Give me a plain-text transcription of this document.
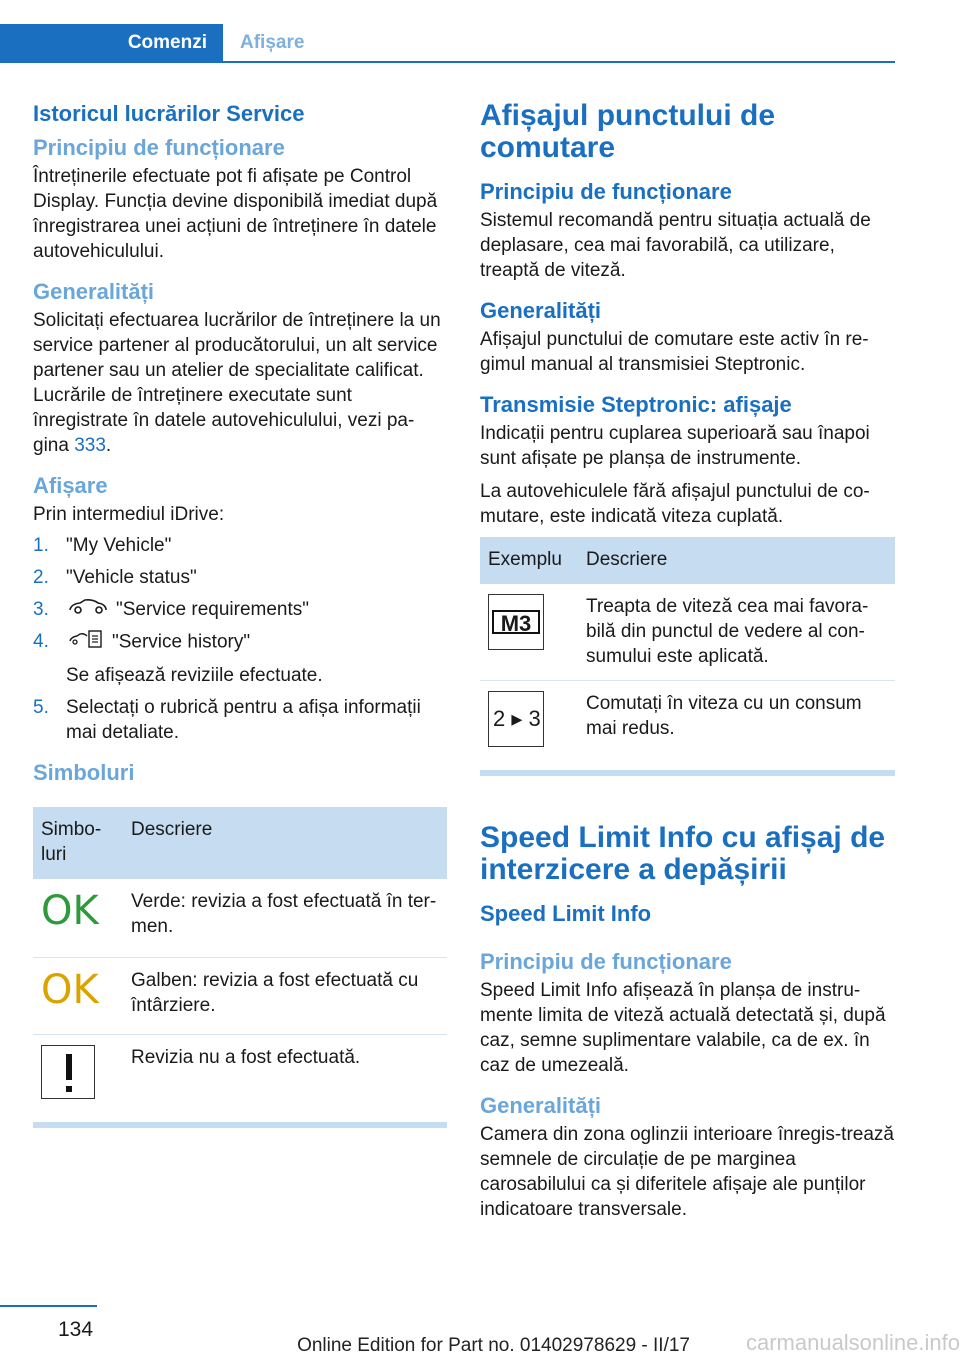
Comenzi	Afișare
Istoricul lucrărilor Service
Principiu de funcționare

Întreținerile efectuate pot fi afișate pe Control Display. Funcția devine disponibilă imediat după înregistrarea unei acțiuni de întreținere în datele autovehiculului.

Generalități

Solicitați efectuarea lucrărilor de întreținere la un service partener al producătorului, un alt service partener sau un atelier de specialitate calificat. Lucrările de întreținere executate sunt înregistrate în datele autovehiculului, vezi pa-gina 333.

Afișare

Prin intermediul iDrive:

1. "My Vehicle"
2. "Vehicle status"
3.	"Service requirements"
4.	"Service history"
Se afișează reviziile efectuate.
5. Selectați o rubrică pentru a afișa informații mai detaliate.
Simboluri
Simbo-luri	Descriere
OK	Verde: revizia a fost efectuată în ter-men.
OK	Galben: revizia a fost efectuată cu întârziere.

	Revizia nu a fost efectuată.
Afișajul punctului de comutare
Principiu de funcționare

Sistemul recomandă pentru situația actuală de deplasare, cea mai favorabilă, ca utilizare, treaptă de viteză.

Generalități

Afișajul punctului de comutare este activ în re-gimul manual al transmisiei Steptronic.

Transmisie Steptronic: afișaje

Indicații pentru cuplarea superioară sau înapoi sunt afișate pe planșa de instrumente.

La autovehiculele fără afișajul punctului de co-mutare, este indicată viteza cuplată.

Exemplu	Descriere

M3	Treapta de viteză cea mai favora-bilă din punctul de vedere al con-sumului este aplicată.

2 ▸ 3	Comutați în viteza cu un consum mai redus.
Speed Limit Info cu afișaj de interzicere a depășirii
Speed Limit Info
Principiu de funcționare

Speed Limit Info afișează în planșa de instru-mente limita de viteză actuală detectată și, după caz, semne suplimentare valabile, ca de ex. în caz de umezeală.

Generalități

Camera din zona oglinzii interioare înregis-trează semnele de circulație de pe marginea carosabilului ca și diferitele afișaje ale punților indicatoare transversale.

134
Online Edition for Part no. 01402978629 - II/17	carmanualsonline.info
